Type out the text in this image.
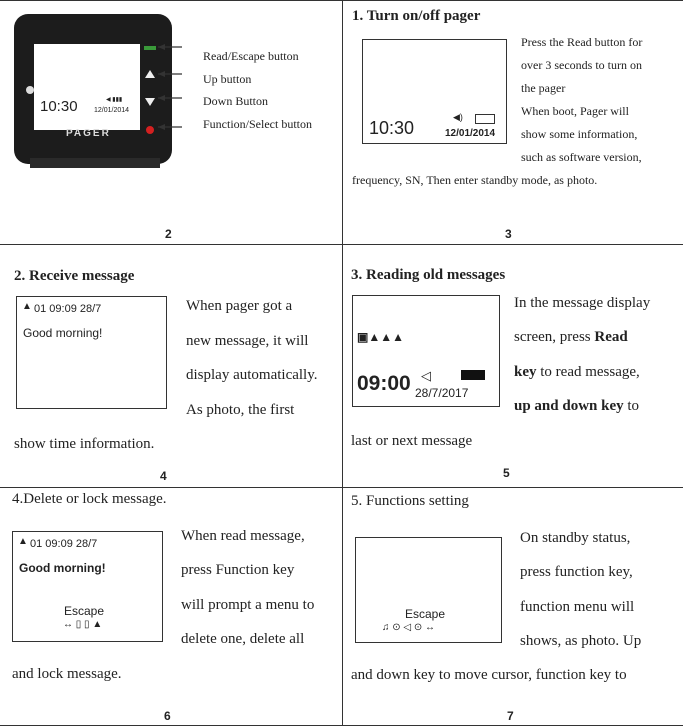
◀ ▮▮▮
10:30 12/01/2014
PAGER
Read/Escape button
Up button
Down Button
Function/Select button
2
1. Turn on/off pager
10:30	12/01/2014
◀)
Press the Read button for
over 3 seconds to turn on
the pager
When boot, Pager will
show some information,
such as software version,
frequency, SN, Then enter standby mode, as photo.
3
2. Receive message
▲ 01 09:09 28/7
Good morning!
When pager got a
new message, it will
display automatically.
As photo, the first
show time information.
4
3. Reading old messages
▣▲▲▲
09:00 ◁
28/7/2017
In the message display
screen, press Read
key to read message,
up and down key to
last or next message
5
4.Delete or lock message.
▲ 01 09:09 28/7
Good morning!
Escape
↔ ▯ ▯ ▲
When read message,
press Function key
will prompt a menu to
delete one, delete all
and lock message.
6
5. Functions setting
Escape
♫ ⊙ ◁ ⊙ ↔
On standby status,
press function key,
function menu will
shows, as photo. Up
and down key to move cursor, function key to
7
